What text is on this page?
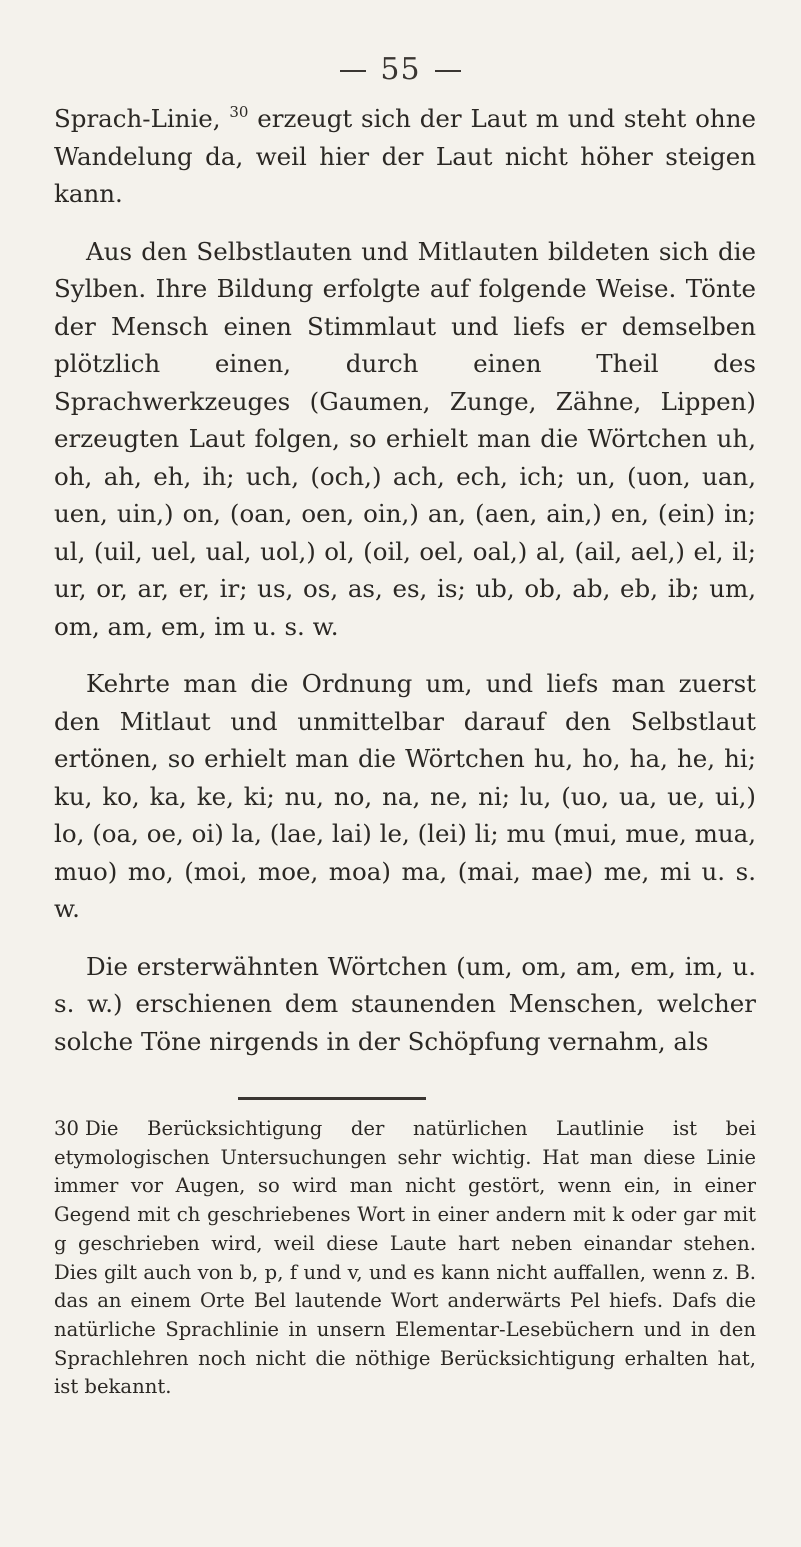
55

Sprach-Linie, $^{30}$ erzeugt sich der Laut m und steht ohne Wandelung da, weil hier der Laut nicht höher steigen kann.

Aus den Selbstlauten und Mitlauten bildeten sich die Sylben. Ihre Bildung erfolgte auf folgende Weise. Tönte der Mensch einen Stimmlaut und liefs er demselben plötzlich einen, durch einen Theil des Sprachwerkzeuges (Gaumen, Zunge, Zähne, Lippen) erzeugten Laut folgen, so erhielt man die Wörtchen uh, oh, ah, eh, ih; uch, (och,) ach, ech, ich; un, (uon, uan, uen, uin,) on, (oan, oen, oin,) an, (aen, ain,) en, (ein) in; ul, (uil, uel, ual, uol,) ol, (oil, oel, oal,) al, (ail, ael,) el, il; ur, or, ar, er, ir; us, os, as, es, is; ub, ob, ab, eb, ib; um, om, am, em, im u. s. w.

Kehrte man die Ordnung um, und liefs man zuerst den Mitlaut und unmittelbar darauf den Selbstlaut ertönen, so erhielt man die Wörtchen hu, ho, ha, he, hi; ku, ko, ka, ke, ki; nu, no, na, ne, ni; lu, (uo, ua, ue, ui,) lo, (oa, oe, oi) la, (lae, lai) le, (lei) li; mu (mui, mue, mua, muo) mo, (moi, moe, moa) ma, (mai, mae) me, mi u. s. w.

Die ersterwähnten Wörtchen (um, om, am, em, im, u. s. w.) erschienen dem staunenden Menschen, welcher solche Töne nirgends in der Schöpfung vernahm, als

30 Die Berücksichtigung der natürlichen Lautlinie ist bei etymologischen Untersuchungen sehr wichtig. Hat man diese Linie immer vor Augen, so wird man nicht gestört, wenn ein, in einer Gegend mit ch geschriebenes Wort in einer andern mit k oder gar mit g geschrieben wird, weil diese Laute hart neben einandar stehen. Dies gilt auch von b, p, f und v, und es kann nicht auffallen, wenn z. B. das an einem Orte Bel lautende Wort anderwärts Pel hiefs. Dafs die natürliche Sprachlinie in unsern Elementar-Lesebüchern und in den Sprachlehren noch nicht die nöthige Berücksichtigung erhalten hat, ist bekannt.
